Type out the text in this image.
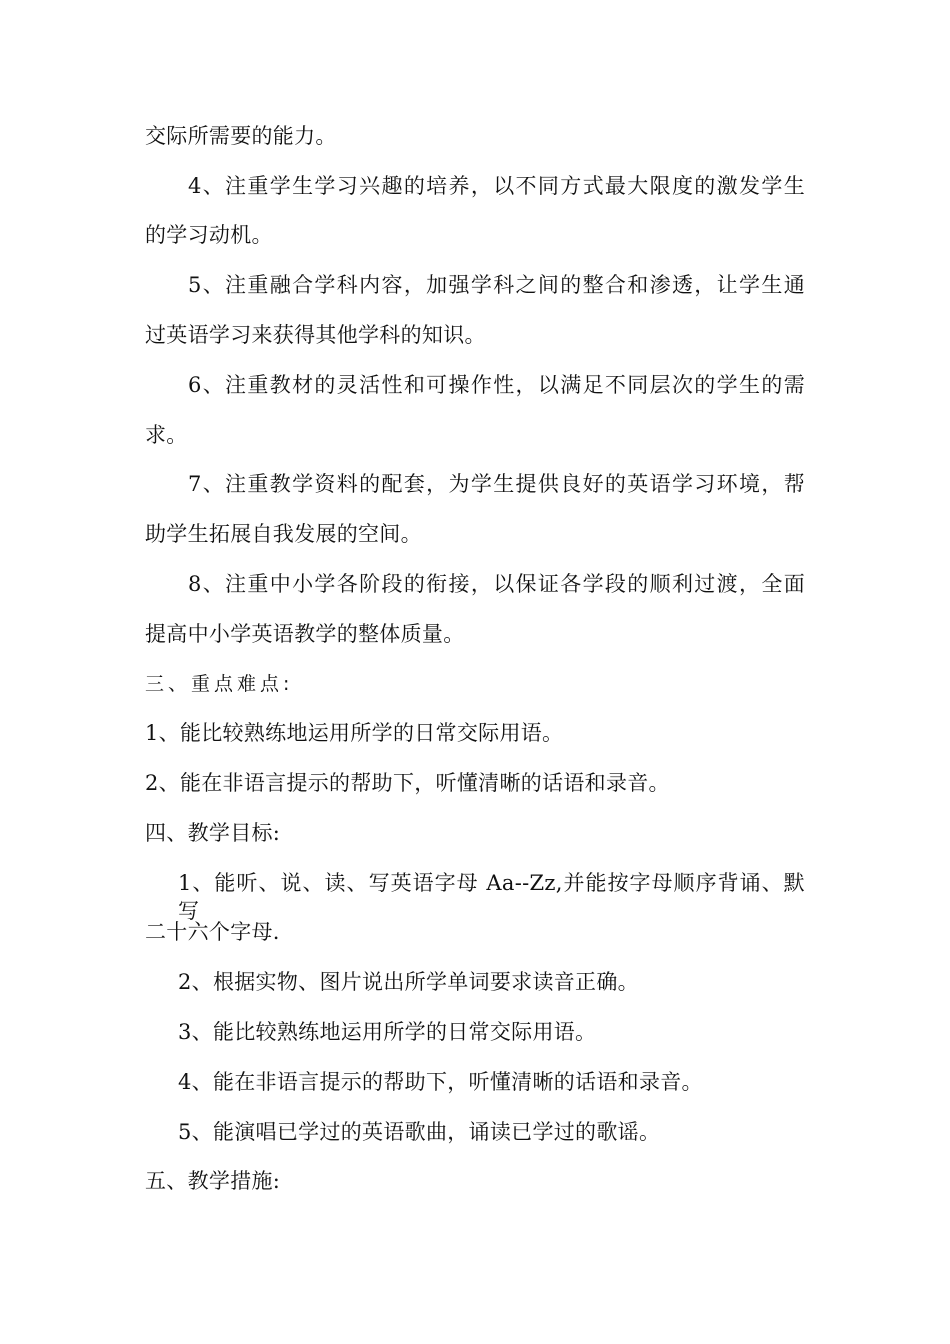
交际所需要的能力。
4、注重学生学习兴趣的培养，以不同方式最大限度的激发学生
的学习动机。
5、注重融合学科内容，加强学科之间的整合和渗透，让学生通
过英语学习来获得其他学科的知识。
6、注重教材的灵活性和可操作性，以满足不同层次的学生的需
求。
7、注重教学资料的配套，为学生提供良好的英语学习环境，帮
助学生拓展自我发展的空间。
8、注重中小学各阶段的衔接，以保证各学段的顺利过渡，全面
提高中小学英语教学的整体质量。
三、重点难点:
1、能比较熟练地运用所学的日常交际用语。
2、能在非语言提示的帮助下，听懂清晰的话语和录音。
四、教学目标:
1、能听、说、读、写英语字母 Aa--Zz,并能按字母顺序背诵、默写
二十六个字母.
2、根据实物、图片说出所学单词要求读音正确。
3、能比较熟练地运用所学的日常交际用语。
4、能在非语言提示的帮助下，听懂清晰的话语和录音。
5、能演唱已学过的英语歌曲，诵读已学过的歌谣。
五、教学措施:
